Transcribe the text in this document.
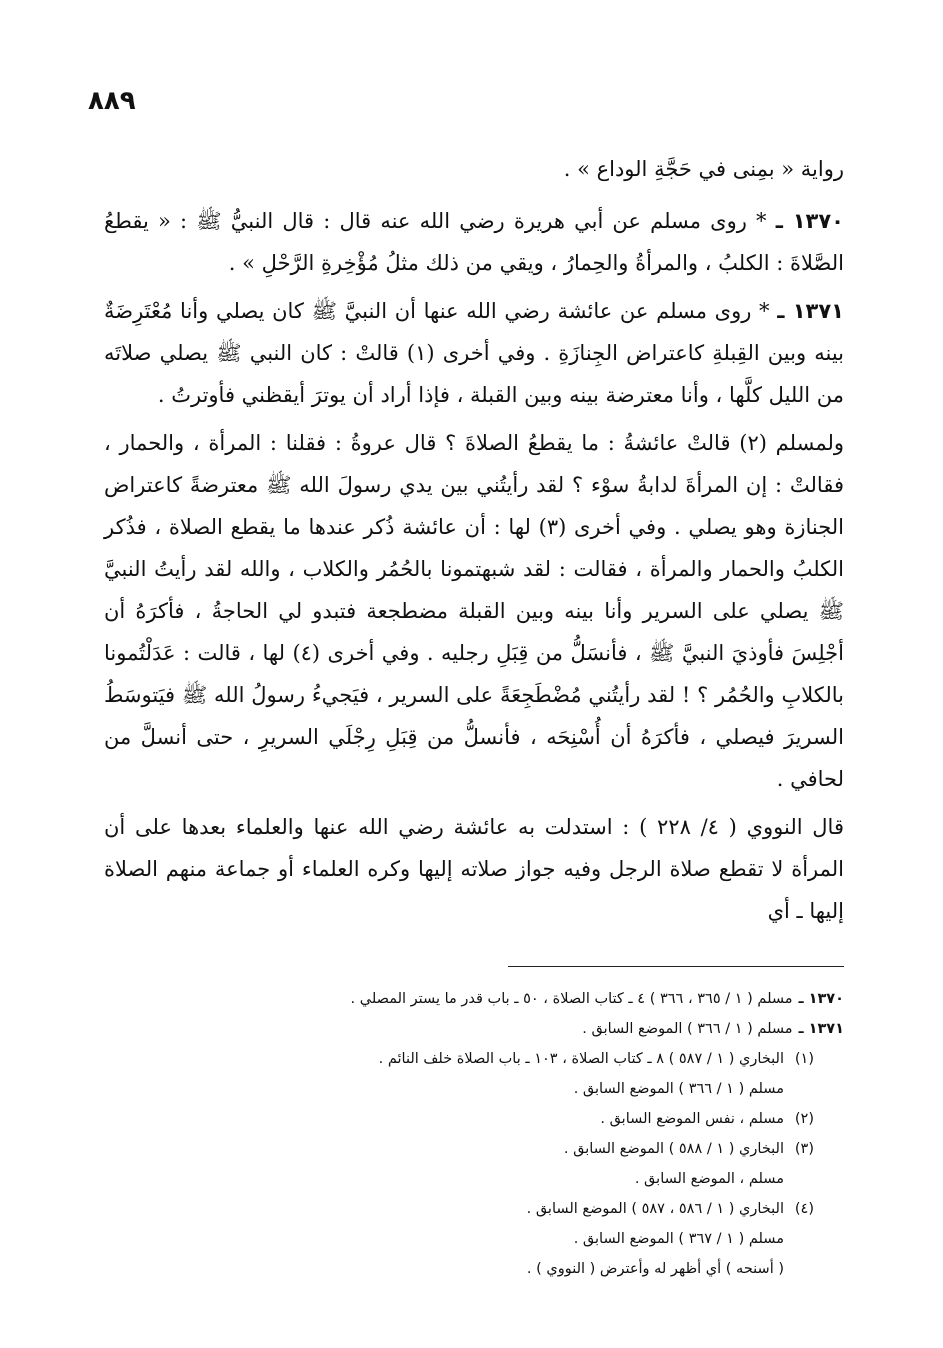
٨٨٩

رواية « بمِنى في حَجَّةِ الوداع » .

١٣٧٠ ـ * روى مسلم عن أبي هريرة رضي الله عنه قال : قال النبيُّ ﷺ : « يقطعُ الصَّلاةَ : الكلبُ ، والمرأةُ والحِمارُ ، ويقي من ذلك مثلُ مُؤْخِرةِ الرَّحْلِ » .

١٣٧١ ـ * روى مسلم عن عائشة رضي الله عنها أن النبيَّ ﷺ كان يصلي وأنا مُعْتَرِضَةٌ بينه وبين القِبلةِ كاعتراض الجِنازَةِ . وفي أخرى (١) قالتْ : كان النبي ﷺ يصلي صلاتَه من الليل كلَّها ، وأنا معترضة بينه وبين القبلة ، فإذا أراد أن يوترَ أيقظني فأوترتُ .

ولمسلم (٢) قالتْ عائشةُ : ما يقطعُ الصلاةَ ؟ قال عروةُ : فقلنا : المرأة ، والحمار ، فقالتْ : إن المرأةَ لدابةُ سوْء ؟ لقد رأيتُني بين يدي رسولَ الله ﷺ معترضةً كاعتراض الجنازة وهو يصلي . وفي أخرى (٣) لها : أن عائشة ذُكر عندها ما يقطع الصلاة ، فذُكر الكلبُ والحمار والمرأة ، فقالت : لقد شبهتمونا بالحُمُر والكلاب ، والله لقد رأيتُ النبيَّ ﷺ يصلي على السرير وأنا بينه وبين القبلة مضطجعة فتبدو لي الحاجةُ ، فأكرَهُ أن أجْلِسَ فأوذيَ النبيَّ ﷺ ، فأنسَلُّ من قِبَلِ رجليه . وفي أخرى (٤) لها ، قالت : عَدَلْتُمونا بالكلابِ والحُمُر ؟ ! لقد رأيتُني مُضْطَجِعَةً على السرير ، فيَجيءُ رسولُ الله ﷺ فيَتوسَطُ السريرَ فيصلي ، فأكرَهُ أن أُسْنِحَه ، فأنسلُّ من قِبَلِ رِجْلَي السريرِ ، حتى أنسلَّ من لحافي .

قال النووي ( ٤/ ٢٢٨ ) : استدلت به عائشة رضي الله عنها والعلماء بعدها على أن المرأة لا تقطع صلاة الرجل وفيه جواز صلاته إليها وكره العلماء أو جماعة منهم الصلاة إليها ـ أي

١٣٧٠ ـمسلم ( ١ / ٣٦٥ ، ٣٦٦ ) ٤ ـ كتاب الصلاة ، ٥٠ ـ باب قدر ما يستر المصلي .
١٣٧١ ـمسلم ( ١ / ٣٦٦ ) الموضع السابق .
(١)البخاري ( ١ / ٥٨٧ ) ٨ ـ كتاب الصلاة ، ١٠٣ ـ باب الصلاة خلف النائم .
مسلم ( ١ / ٣٦٦ ) الموضع السابق .
(٢)مسلم ، نفس الموضع السابق .
(٣)البخاري ( ١ / ٥٨٨ ) الموضع السابق .
مسلم ، الموضع السابق .
(٤)البخاري ( ١ / ٥٨٦ ، ٥٨٧ ) الموضع السابق .
مسلم ( ١ / ٣٦٧ ) الموضع السابق .
( أسنحه ) أي أظهر له وأعترض ( النووي ) .
